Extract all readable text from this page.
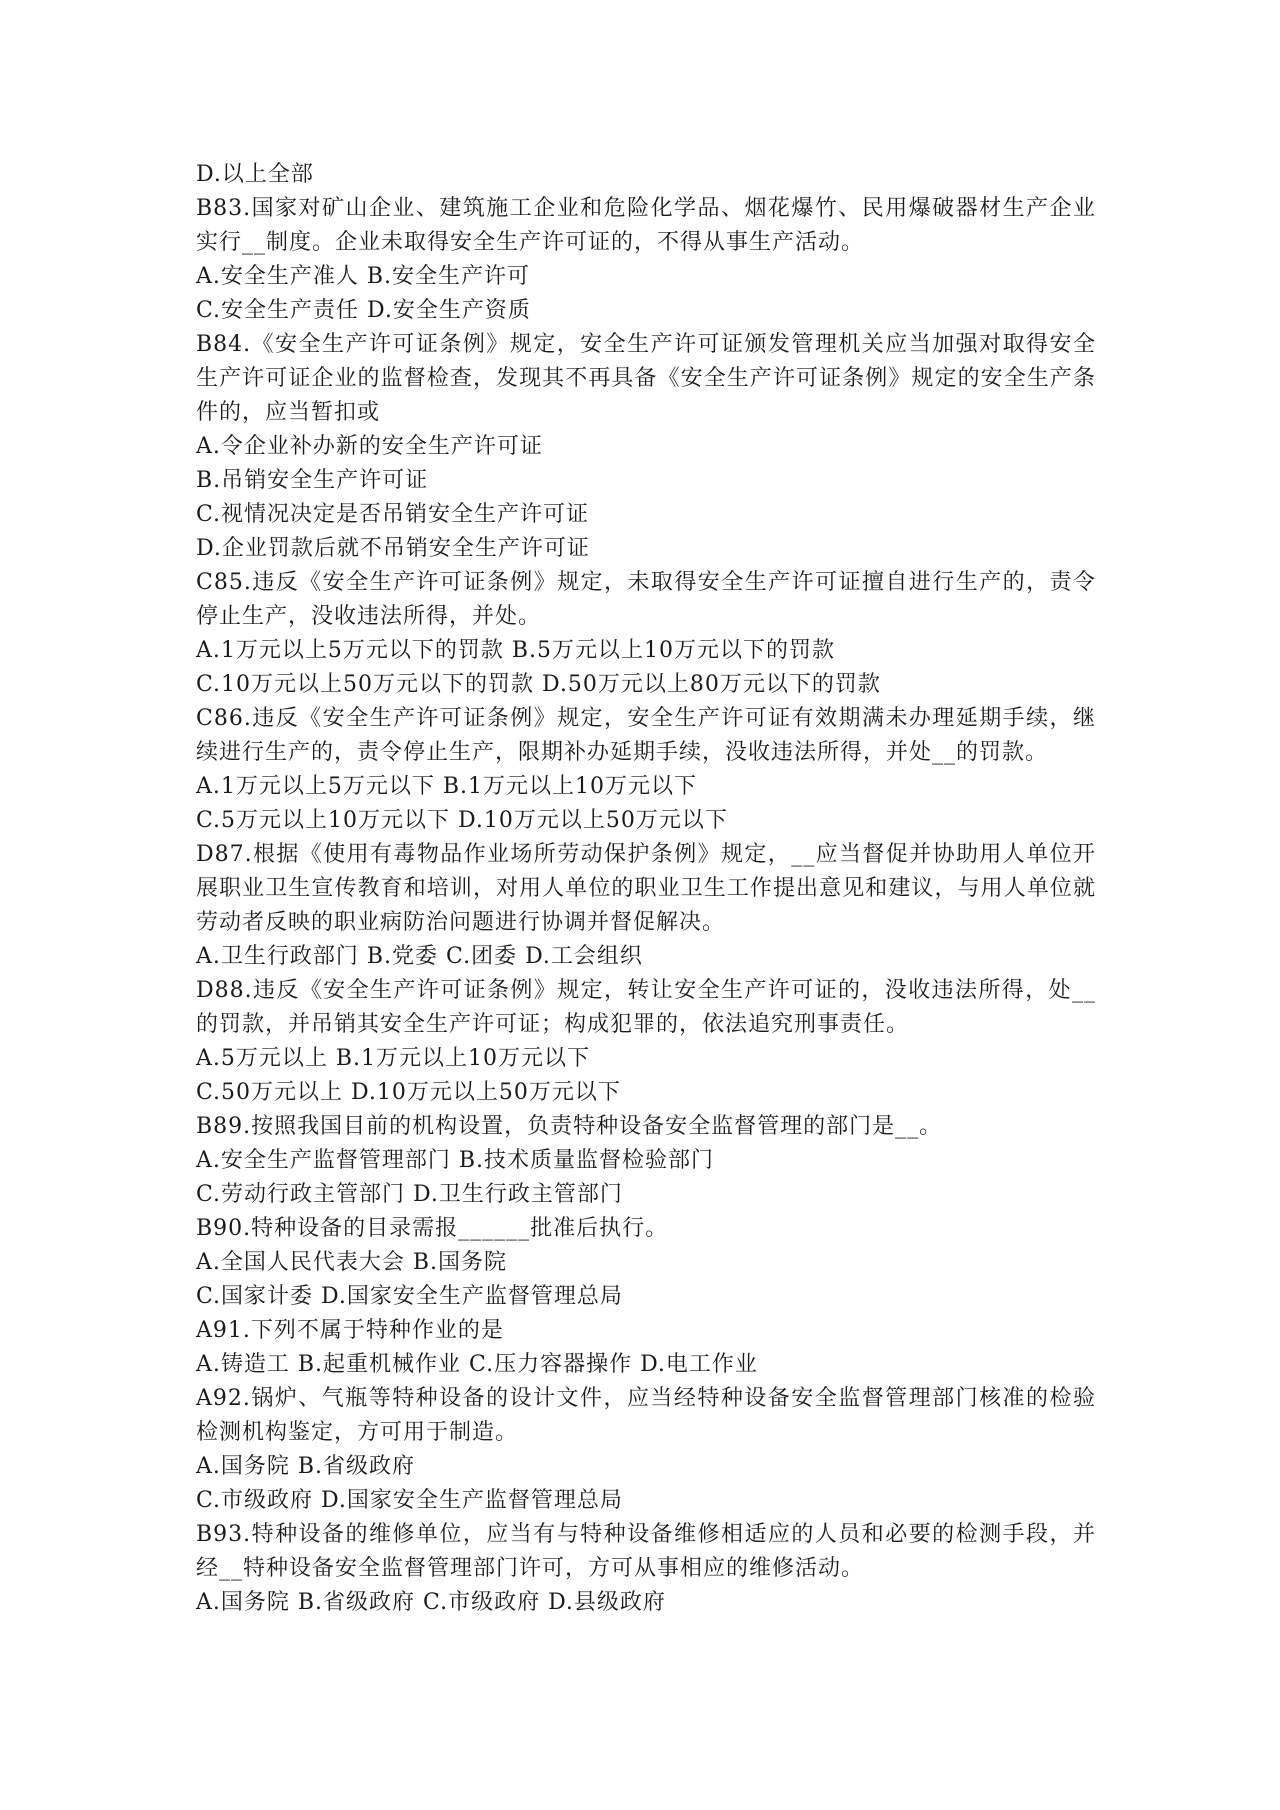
D.以上全部
B83.国家对矿山企业、建筑施工企业和危险化学品、烟花爆竹、民用爆破器材生产企业实行__制度。企业未取得安全生产许可证的，不得从事生产活动。
A.安全生产准人 B.安全生产许可
C.安全生产责任 D.安全生产资质
B84.《安全生产许可证条例》规定，安全生产许可证颁发管理机关应当加强对取得安全生产许可证企业的监督检查，发现其不再具备《安全生产许可证条例》规定的安全生产条件的，应当暂扣或
A.令企业补办新的安全生产许可证
B.吊销安全生产许可证
C.视情况决定是否吊销安全生产许可证
D.企业罚款后就不吊销安全生产许可证
C85.违反《安全生产许可证条例》规定，未取得安全生产许可证擅自进行生产的，责令停止生产，没收违法所得，并处。
A.1万元以上5万元以下的罚款 B.5万元以上10万元以下的罚款
C.10万元以上50万元以下的罚款 D.50万元以上80万元以下的罚款
C86.违反《安全生产许可证条例》规定，安全生产许可证有效期满未办理延期手续，继续进行生产的，责令停止生产，限期补办延期手续，没收违法所得，并处__的罚款。
A.1万元以上5万元以下 B.1万元以上10万元以下
C.5万元以上10万元以下 D.10万元以上50万元以下
D87.根据《使用有毒物品作业场所劳动保护条例》规定，__应当督促并协助用人单位开展职业卫生宣传教育和培训，对用人单位的职业卫生工作提出意见和建议，与用人单位就劳动者反映的职业病防治问题进行协调并督促解决。
A.卫生行政部门 B.党委 C.团委 D.工会组织
D88.违反《安全生产许可证条例》规定，转让安全生产许可证的，没收违法所得，处__的罚款，并吊销其安全生产许可证；构成犯罪的，依法追究刑事责任。
A.5万元以上 B.1万元以上10万元以下
C.50万元以上 D.10万元以上50万元以下
B89.按照我国目前的机构设置，负责特种设备安全监督管理的部门是__。
A.安全生产监督管理部门 B.技术质量监督检验部门
C.劳动行政主管部门 D.卫生行政主管部门
B90.特种设备的目录需报______批准后执行。
A.全国人民代表大会 B.国务院
C.国家计委 D.国家安全生产监督管理总局
A91.下列不属于特种作业的是
A.铸造工 B.起重机械作业 C.压力容器操作 D.电工作业
A92.锅炉、气瓶等特种设备的设计文件，应当经特种设备安全监督管理部门核准的检验检测机构鉴定，方可用于制造。
A.国务院 B.省级政府
C.市级政府 D.国家安全生产监督管理总局
B93.特种设备的维修单位，应当有与特种设备维修相适应的人员和必要的检测手段，并经__特种设备安全监督管理部门许可，方可从事相应的维修活动。
A.国务院 B.省级政府 C.市级政府 D.县级政府
